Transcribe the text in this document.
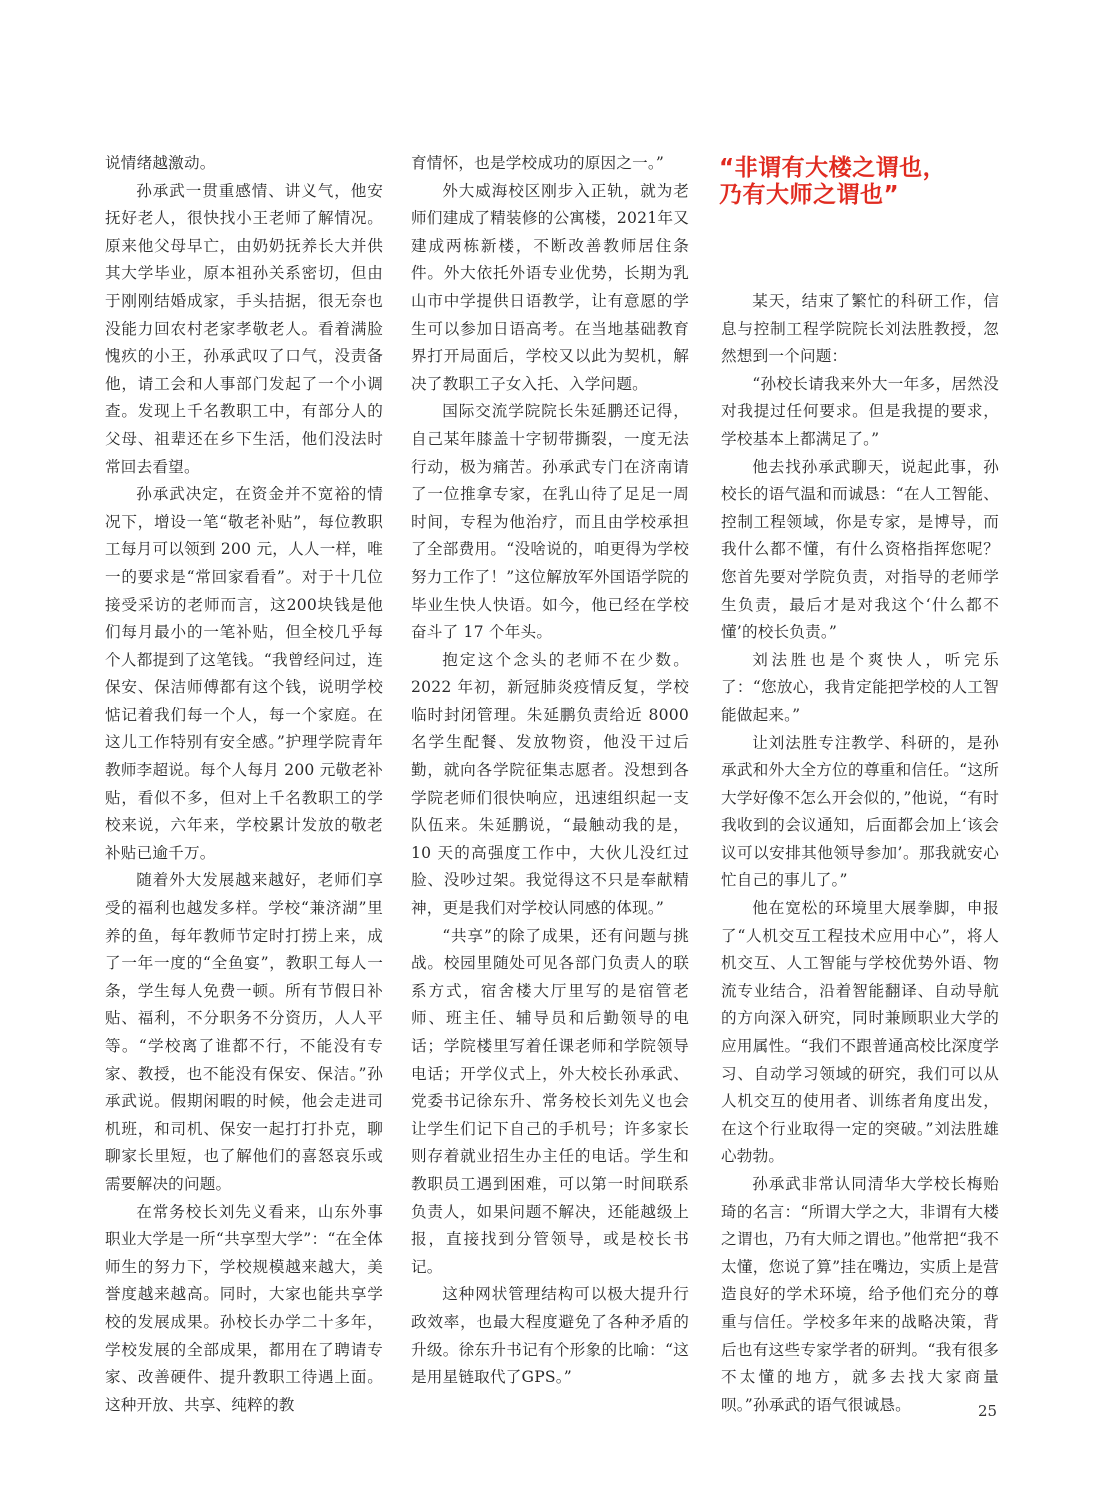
说情绪越激动。

孙承武一贯重感情、讲义气，他安抚好老人，很快找小王老师了解情况。原来他父母早亡，由奶奶抚养长大并供其大学毕业，原本祖孙关系密切，但由于刚刚结婚成家，手头拮据，很无奈也没能力回农村老家孝敬老人。看着满脸愧疚的小王，孙承武叹了口气，没责备他，请工会和人事部门发起了一个小调查。发现上千名教职工中，有部分人的父母、祖辈还在乡下生活，他们没法时常回去看望。

孙承武决定，在资金并不宽裕的情况下，增设一笔“敬老补贴”，每位教职工每月可以领到 200 元，人人一样，唯一的要求是“常回家看看”。对于十几位接受采访的老师而言，这200块钱是他们每月最小的一笔补贴，但全校几乎每个人都提到了这笔钱。“我曾经问过，连保安、保洁师傅都有这个钱，说明学校惦记着我们每一个人，每一个家庭。在这儿工作特别有安全感。”护理学院青年教师李超说。每个人每月 200 元敬老补贴，看似不多，但对上千名教职工的学校来说，六年来，学校累计发放的敬老补贴已逾千万。

随着外大发展越来越好，老师们享受的福利也越发多样。学校“兼济湖”里养的鱼，每年教师节定时打捞上来，成了一年一度的“全鱼宴”，教职工每人一条，学生每人免费一顿。所有节假日补贴、福利，不分职务不分资历，人人平等。“学校离了谁都不行，不能没有专家、教授，也不能没有保安、保洁。”孙承武说。假期闲暇的时候，他会走进司机班，和司机、保安一起打打扑克，聊聊家长里短，也了解他们的喜怒哀乐或需要解决的问题。

在常务校长刘先义看来，山东外事职业大学是一所“共享型大学”：“在全体师生的努力下，学校规模越来越大，美誉度越来越高。同时，大家也能共享学校的发展成果。孙校长办学二十多年，学校发展的全部成果，都用在了聘请专家、改善硬件、提升教职工待遇上面。这种开放、共享、纯粹的教

育情怀，也是学校成功的原因之一。”

外大威海校区刚步入正轨，就为老师们建成了精装修的公寓楼，2021年又建成两栋新楼，不断改善教师居住条件。外大依托外语专业优势，长期为乳山市中学提供日语教学，让有意愿的学生可以参加日语高考。在当地基础教育界打开局面后，学校又以此为契机，解决了教职工子女入托、入学问题。

国际交流学院院长朱延鹏还记得，自己某年膝盖十字韧带撕裂，一度无法行动，极为痛苦。孙承武专门在济南请了一位推拿专家，在乳山待了足足一周时间，专程为他治疗，而且由学校承担了全部费用。“没啥说的，咱更得为学校努力工作了！”这位解放军外国语学院的毕业生快人快语。如今，他已经在学校奋斗了 17 个年头。

抱定这个念头的老师不在少数。2022 年初，新冠肺炎疫情反复，学校临时封闭管理。朱延鹏负责给近 8000 名学生配餐、发放物资，他没干过后勤，就向各学院征集志愿者。没想到各学院老师们很快响应，迅速组织起一支队伍来。朱延鹏说，“最触动我的是，10 天的高强度工作中，大伙儿没红过脸、没吵过架。我觉得这不只是奉献精神，更是我们对学校认同感的体现。”

“共享”的除了成果，还有问题与挑战。校园里随处可见各部门负责人的联系方式，宿舍楼大厅里写的是宿管老师、班主任、辅导员和后勤领导的电话；学院楼里写着任课老师和学院领导电话；开学仪式上，外大校长孙承武、党委书记徐东升、常务校长刘先义也会让学生们记下自己的手机号；许多家长则存着就业招生办主任的电话。学生和教职员工遇到困难，可以第一时间联系负责人，如果问题不解决，还能越级上报，直接找到分管领导，或是校长书记。

这种网状管理结构可以极大提升行政效率，也最大程度避免了各种矛盾的升级。徐东升书记有个形象的比喻：“这是用星链取代了GPS。”

“非谓有大楼之谓也，
乃有大师之谓也”

某天，结束了繁忙的科研工作，信息与控制工程学院院长刘法胜教授，忽然想到一个问题：

“孙校长请我来外大一年多，居然没对我提过任何要求。但是我提的要求，学校基本上都满足了。”

他去找孙承武聊天，说起此事，孙校长的语气温和而诚恳：“在人工智能、控制工程领域，你是专家，是博导，而我什么都不懂，有什么资格指挥您呢？您首先要对学院负责，对指导的老师学生负责，最后才是对我这个‘什么都不懂’的校长负责。”

刘法胜也是个爽快人，听完乐了：“您放心，我肯定能把学校的人工智能做起来。”

让刘法胜专注教学、科研的，是孙承武和外大全方位的尊重和信任。“这所大学好像不怎么开会似的，”他说，“有时我收到的会议通知，后面都会加上‘该会议可以安排其他领导参加’。那我就安心忙自己的事儿了。”

他在宽松的环境里大展拳脚，申报了“人机交互工程技术应用中心”，将人机交互、人工智能与学校优势外语、物流专业结合，沿着智能翻译、自动导航的方向深入研究，同时兼顾职业大学的应用属性。“我们不跟普通高校比深度学习、自动学习领域的研究，我们可以从人机交互的使用者、训练者角度出发，在这个行业取得一定的突破。”刘法胜雄心勃勃。

孙承武非常认同清华大学校长梅贻琦的名言：“所谓大学之大，非谓有大楼之谓也，乃有大师之谓也。”他常把“我不太懂，您说了算”挂在嘴边，实质上是营造良好的学术环境，给予他们充分的尊重与信任。学校多年来的战略决策，背后也有这些专家学者的研判。“我有很多不太懂的地方，就多去找大家商量呗。”孙承武的语气很诚恳。	25
